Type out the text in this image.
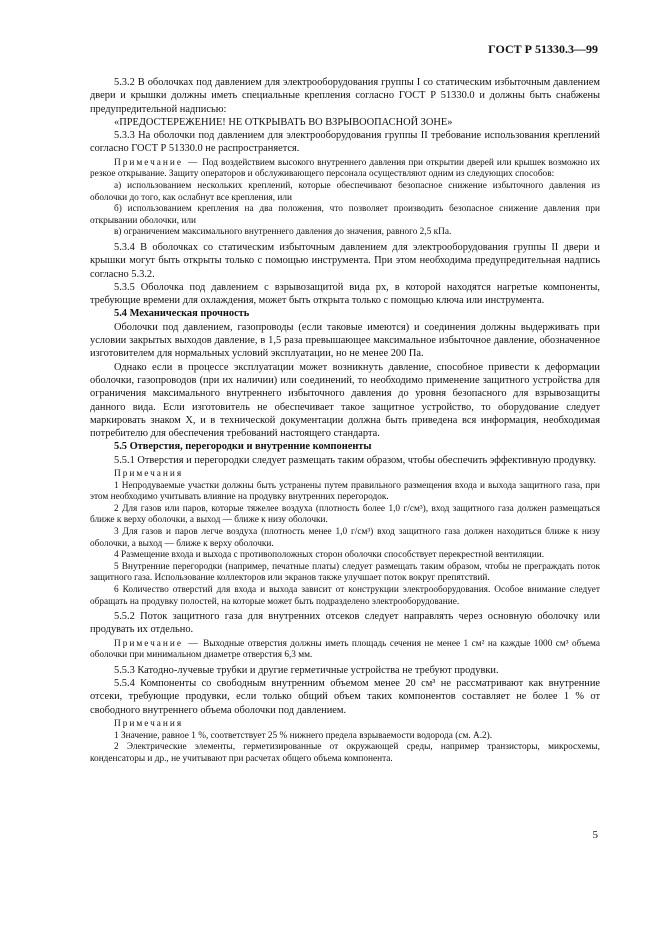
ГОСТ Р 51330.3—99

5.3.2 В оболочках под давлением для электрооборудования группы I со статическим избыточным давлением двери и крышки должны иметь специальные крепления согласно ГОСТ Р 51330.0 и должны быть снабжены предупредительной надписью:

«ПРЕДОСТЕРЕЖЕНИЕ! НЕ ОТКРЫВАТЬ ВО ВЗРЫВООПАСНОЙ ЗОНЕ»

5.3.3 На оболочки под давлением для электрооборудования группы II требование использования креплений согласно ГОСТ Р 51330.0 не распространяется.

Примечание — Под воздействием высокого внутреннего давления при открытии дверей или крышек возможно их резкое открывание. Защиту операторов и обслуживающего персонала осуществляют одним из следующих способов:

а) использованием нескольких креплений, которые обеспечивают безопасное снижение избыточного давления из оболочки до того, как ослабнут все крепления, или

б) использованием крепления на два положения, что позволяет производить безопасное снижение давления при открывании оболочки, или

в) ограничением максимального внутреннего давления до значения, равного 2,5 кПа.

5.3.4 В оболочках со статическим избыточным давлением для электрооборудования группы II двери и крышки могут быть открыты только с помощью инструмента. При этом необходима предупредительная надпись согласно 5.3.2.

5.3.5 Оболочка под давлением с взрывозащитой вида px, в которой находятся нагретые компоненты, требующие времени для охлаждения, может быть открыта только с помощью ключа или инструмента.

5.4 Механическая прочность

Оболочки под давлением, газопроводы (если таковые имеются) и соединения должны выдерживать при условии закрытых выходов давление, в 1,5 раза превышающее максимальное избыточное давление, обозначенное изготовителем для нормальных условий эксплуатации, но не менее 200 Па.

Однако если в процессе эксплуатации может возникнуть давление, способное привести к деформации оболочки, газопроводов (при их наличии) или соединений, то необходимо применение защитного устройства для ограничения максимального внутреннего избыточного давления до уровня безопасного для взрывозащиты данного вида. Если изготовитель не обеспечивает такое защитное устройство, то оборудование следует маркировать знаком X, и в технической документации должна быть приведена вся информация, необходимая потребителю для обеспечения требований настоящего стандарта.

5.5 Отверстия, перегородки и внутренние компоненты

5.5.1 Отверстия и перегородки следует размещать таким образом, чтобы обеспечить эффективную продувку.

Примечания

1 Непродуваемые участки должны быть устранены путем правильного размещения входа и выхода защитного газа, при этом необходимо учитывать влияние на продувку внутренних перегородок.

2 Для газов или паров, которые тяжелее воздуха (плотность более 1,0 г/см³), вход защитного газа должен размещаться ближе к верху оболочки, а выход — ближе к низу оболочки.

3 Для газов и паров легче воздуха (плотность менее 1,0 г/см³) вход защитного газа должен находиться ближе к низу оболочки, а выход — ближе к верху оболочки.

4 Размещение входа и выхода с противоположных сторон оболочки способствует перекрестной вентиляции.

5 Внутренние перегородки (например, печатные платы) следует размещать таким образом, чтобы не преграждать поток защитного газа. Использование коллекторов или экранов также улучшает поток вокруг препятствий.

6 Количество отверстий для входа и выхода зависит от конструкции электрооборудования. Особое внимание следует обращать на продувку полостей, на которые может быть подразделено электрооборудование.

5.5.2 Поток защитного газа для внутренних отсеков следует направлять через основную оболочку или продувать их отдельно.

Примечание — Выходные отверстия должны иметь площадь сечения не менее 1 см² на каждые 1000 см³ объема оболочки при минимальном диаметре отверстия 6,3 мм.

5.5.3 Катодно-лучевые трубки и другие герметичные устройства не требуют продувки.

5.5.4 Компоненты со свободным внутренним объемом менее 20 см³ не рассматривают как внутренние отсеки, требующие продувки, если только общий объем таких компонентов составляет не более 1 % от свободного внутреннего объема оболочки под давлением.

Примечания

1 Значение, равное 1 %, соответствует 25 % нижнего предела взрываемости водорода (см. А.2).

2 Электрические элементы, герметизированные от окружающей среды, например транзисторы, микросхемы, конденсаторы и др., не учитывают при расчетах общего объема компонента.

5
